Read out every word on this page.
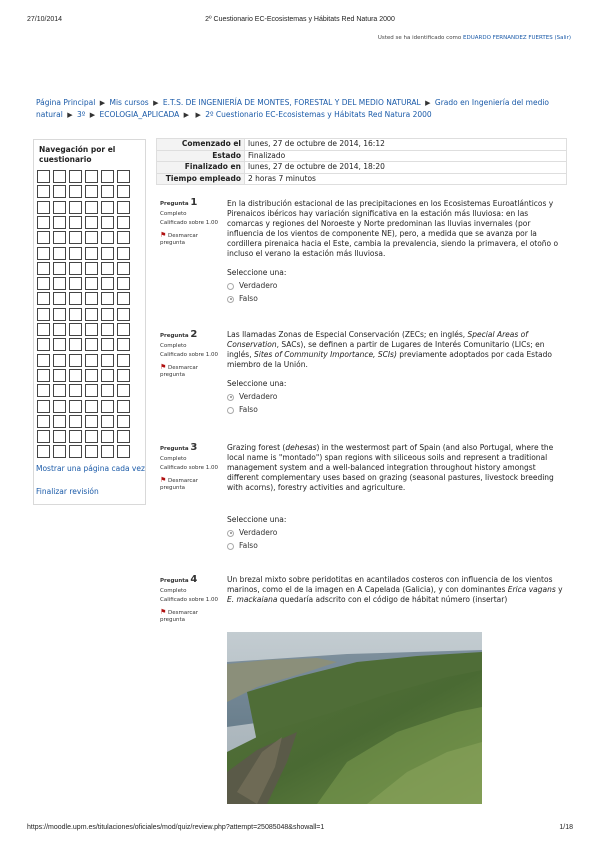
27/10/2014	2º Cuestionario EC-Ecosistemas y Hábitats Red Natura 2000
Usted se ha identificado como EDUARDO FERNANDEZ FUERTES (Salir)
Página Principal ▶ Mis cursos ▶ E.T.S. DE INGENIERÍA DE MONTES, FORESTAL Y DEL MEDIO NATURAL ▶ Grado en Ingeniería del medio natural ▶ 3º ▶ ECOLOGIA_APLICADA ▶ ▶ 2º Cuestionario EC-Ecosistemas y Hábitats Red Natura 2000
Navegación por el cuestionario
Mostrar una página cada vez
Finalizar revisión
Comenzado el	lunes, 27 de octubre de 2014, 16:12
Estado	Finalizado
Finalizado en	lunes, 27 de octubre de 2014, 18:20
Tiempo empleado	2 horas 7 minutos
Pregunta 1
Completo
Calificado sobre 1.00
⚑ Desmarcar pregunta
En la distribución estacional de las precipitaciones en los Ecosistemas Euroatlánticos y Pirenaicos ibéricos hay variación significativa en la estación más lluviosa: en las comarcas y regiones del Noroeste y Norte predominan las lluvias invernales (por influencia de los vientos de componente NE), pero, a medida que se avanza por la cordillera pirenaica hacia el Este, cambia la prevalencia, siendo la primavera, el otoño o incluso el verano la estación más lluviosa.
Seleccione una:
Verdadero
Falso
Pregunta 2
Completo
Calificado sobre 1.00
⚑ Desmarcar pregunta
Las llamadas Zonas de Especial Conservación (ZECs; en inglés, Special Areas of Conservation, SACs), se definen a partir de Lugares de Interés Comunitario (LICs; en inglés, Sites of Community Importance, SCIs) previamente adoptados por cada Estado miembro de la Unión.
Seleccione una:
Verdadero
Falso
Pregunta 3
Completo
Calificado sobre 1.00
⚑ Desmarcar pregunta
Grazing forest (dehesas) in the westermost part of Spain (and also Portugal, where the local name is "montado") span regions with siliceous soils and represent a traditional management system and a well-balanced integration throughout history amongst different complementary uses based on grazing (seasonal pastures, livestock breeding with acorns), forestry activities and agriculture.
Seleccione una:
Verdadero
Falso
Pregunta 4
Completo
Calificado sobre 1.00
⚑ Desmarcar pregunta
Un brezal mixto sobre peridotitas en acantilados costeros con influencia de los vientos marinos, como el de la imagen en A Capelada (Galicia), y con dominantes Erica vagans y E. mackaiana quedaría adscrito con el código de hábitat número (insertar)
https://moodle.upm.es/titulaciones/oficiales/mod/quiz/review.php?attempt=25085048&showall=1	1/18
